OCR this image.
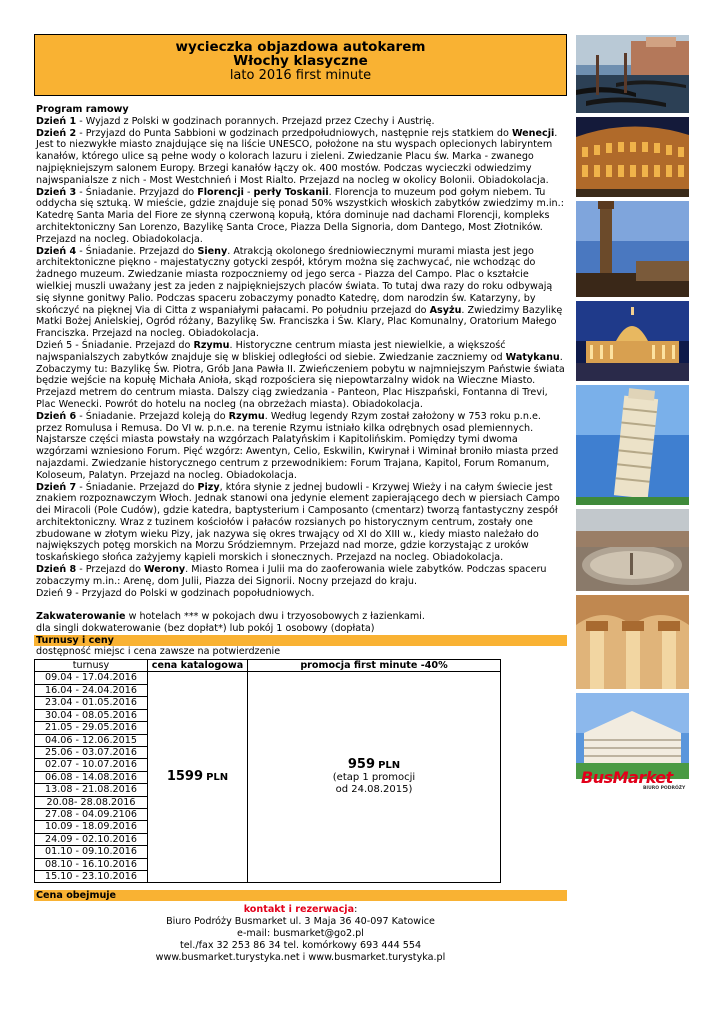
wycieczka objazdowa autokarem
Włochy klasyczne
lato 2016 first minute

Program ramowy

Dzień 1 - Wyjazd z Polski w godzinach porannych. Przejazd przez Czechy i Austrię.

Dzień 2 - Przyjazd do Punta Sabbioni w godzinach przedpołudniowych, następnie rejs statkiem do Wenecji. Jest to niezwykłe miasto znajdujące się na liście UNESCO, położone na stu wyspach oplecionych labiryntem kanałów, którego ulice są pełne wody o kolorach lazuru i zieleni. Zwiedzanie Placu św. Marka - zwanego najpiękniejszym salonem Europy. Brzegi kanałów łączy ok. 400 mostów. Podczas wycieczki odwiedzimy najwspanialsze z nich - Most Westchnień i Most Rialto. Przejazd na nocleg w okolicy Bolonii. Obiadokolacja.

Dzień 3 - Śniadanie. Przyjazd do Florencji - perły Toskanii. Florencja to muzeum pod gołym niebem. Tu oddycha się sztuką. W mieście, gdzie znajduje się ponad 50% wszystkich włoskich zabytków zwiedzimy m.in.: Katedrę Santa Maria del Fiore ze słynną czerwoną kopułą, która dominuje nad dachami Florencji, kompleks architektoniczny San Lorenzo, Bazylikę Santa Croce, Piazza Della Signoria, dom Dantego, Most Złotników. Przejazd na nocleg. Obiadokolacja.

Dzień 4 - Śniadanie. Przejazd do Sieny. Atrakcją okolonego średniowiecznymi murami miasta jest jego architektoniczne piękno - majestatyczny gotycki zespół, którym można się zachwycać, nie wchodząc do żadnego muzeum. Zwiedzanie miasta rozpoczniemy od jego serca - Piazza del Campo. Plac o kształcie wielkiej muszli uważany jest za jeden z najpiękniejszych placów świata. To tutaj dwa razy do roku odbywają się słynne gonitwy Palio. Podczas spaceru zobaczymy ponadto Katedrę, dom narodzin św. Katarzyny, by skończyć na pięknej Via di Citta z wspaniałymi pałacami. Po południu przejazd do Asyżu. Zwiedzimy Bazylikę Matki Bożej Anielskiej, Ogród różany, Bazylikę Św. Franciszka i Św. Klary, Plac Komunalny, Oratorium Małego Franciszka. Przejazd na nocleg. Obiadokolacja.

Dzień 5 - Śniadanie. Przejazd do Rzymu. Historyczne centrum miasta jest niewielkie, a większość najwspanialszych zabytków znajduje się w bliskiej odległości od siebie. Zwiedzanie zaczniemy od Watykanu. Zobaczymy tu: Bazylikę Św. Piotra, Grób Jana Pawła II. Zwieńczeniem pobytu w najmniejszym Państwie świata będzie wejście na kopułę Michała Anioła, skąd rozpościera się niepowtarzalny widok na Wieczne Miasto. Przejazd metrem do centrum miasta. Dalszy ciąg zwiedzania - Panteon, Plac Hiszpański, Fontanna di Trevi, Plac Wenecki. Powrót do hotelu na nocleg (na obrzeżach miasta). Obiadokolacja.

Dzień 6 - Śniadanie. Przejazd koleją do Rzymu. Według legendy Rzym został założony w 753 roku p.n.e. przez Romulusa i Remusa. Do VI w. p.n.e. na terenie Rzymu istniało kilka odrębnych osad plemiennych. Najstarsze części miasta powstały na wzgórzach Palatyńskim i Kapitolińskim. Pomiędzy tymi dwoma wzgórzami wzniesiono Forum. Pięć wzgórz: Awentyn, Celio, Eskwilin, Kwirynał i Wiminał broniło miasta przed najazdami. Zwiedzanie historycznego centrum z przewodnikiem: Forum Trajana, Kapitol, Forum Romanum, Koloseum, Palatyn. Przejazd na nocleg. Obiadokolacja.

Dzień 7 - Śniadanie. Przejazd do Pizy, która słynie z jednej budowli - Krzywej Wieży i na całym świecie jest znakiem rozpoznawczym Włoch. Jednak stanowi ona jedynie element zapierającego dech w piersiach Campo dei Miracoli (Pole Cudów), gdzie katedra, baptysterium i Camposanto (cmentarz) tworzą fantastyczny zespół architektoniczny. Wraz z tuzinem kościołów i pałaców rozsianych po historycznym centrum, zostały one zbudowane w złotym wieku Pizy, jak nazywa się okres trwający od XI do XIII w., kiedy miasto należało do największych potęg morskich na Morzu Śródziemnym. Przejazd nad morze, gdzie korzystając z uroków toskańskiego słońca zażyjemy kąpieli morskich i słonecznych. Przejazd na nocleg. Obiadokolacja.

Dzień 8 - Przejazd do Werony. Miasto Romea i Julii ma do zaoferowania wiele zabytków. Podczas spaceru zobaczymy m.in.: Arenę, dom Julii, Piazza dei Signorii. Nocny przejazd do kraju.

Dzień 9 - Przyjazd do Polski w godzinach popołudniowych.

Zakwaterowanie w hotelach *** w pokojach dwu i trzyosobowych z łazienkami.

dla singli dokwaterowanie (bez dopłat*) lub pokój 1 osobowy (dopłata)

Turnusy i ceny
dostępność miejsc i cena zawsze na potwierdzenie
turnusy	cena katalogowa	promocja first minute -40%
09.04 - 17.04.2016	1599 PLN	959 PLN
(etap 1 promocji
od 24.08.2015)

16.04 - 24.04.2016		
23.04 - 01.05.2016		
30.04 - 08.05.2016		
21.05 - 29.05.2016		
04.06 - 12.06.2015		
25.06 - 03.07.2016		
02.07 - 10.07.2016		
06.08 - 14.08.2016		
13.08 - 21.08.2016		
20.08- 28.08.2016		
27.08 - 04.09.2106		
10.09 - 18.09.2016		
24.09 - 02.10.2016		
01.10 - 09.10.2016		
08.10 - 16.10.2016		
15.10 - 23.10.2016		
Cena obejmuje
kontakt i rezerwacja:
Biuro Podróży Busmarket ul. 3 Maja 36 40-097 Katowice
e-mail: busmarket@go2.pl
tel./fax 32 253 86 34 tel. komórkowy 693 444 554
www.busmarket.turystyka.net i www.busmarket.turystyka.pl
BusMarket
BIURO PODRÓŻY
